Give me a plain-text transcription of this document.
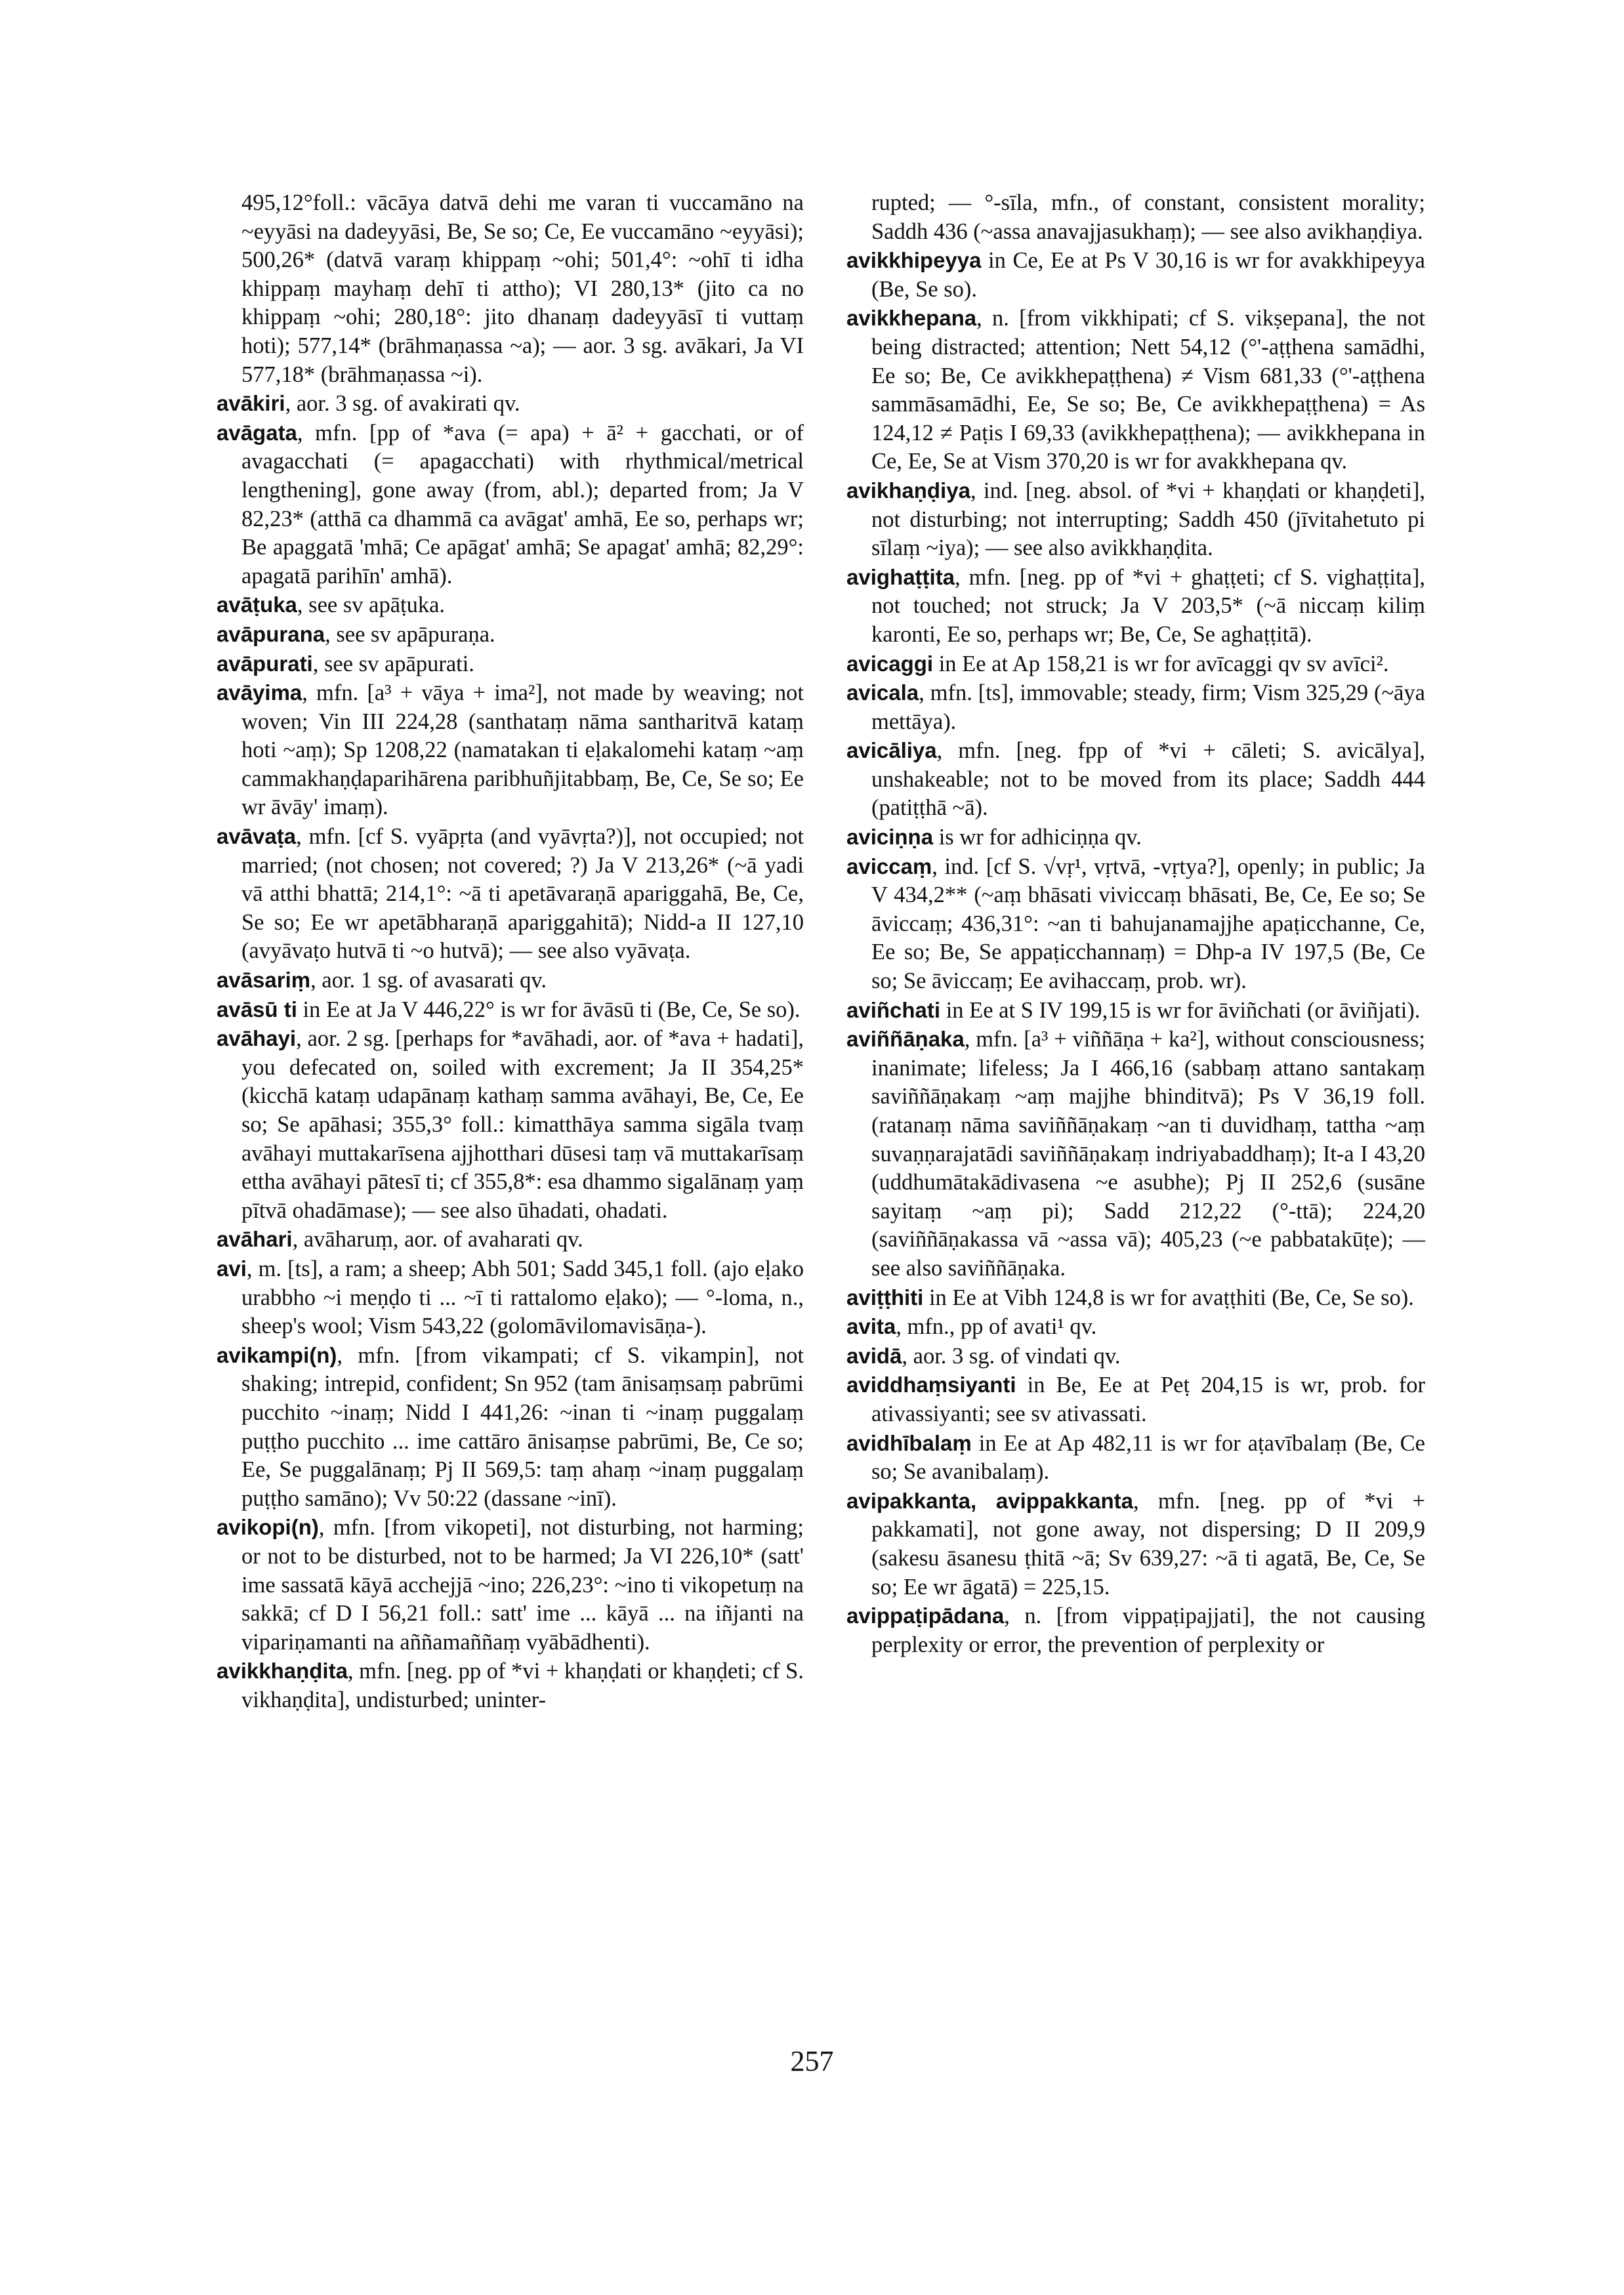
495,12°foll.: vācāya datvā dehi me varan ti vuccamāno na ~eyyāsi na dadeyyāsi, Be, Se so; Ce, Ee vuccamāno ~eyyāsi); 500,26* (datvā varaṃ khippaṃ ~ohi; 501,4°: ~ohī ti idha khippaṃ mayhaṃ dehī ti attho); VI 280,13* (jito ca no khippaṃ ~ohi; 280,18°: jito dhanaṃ dadeyyāsī ti vuttaṃ hoti); 577,14* (brāhmaṇassa ~a); — aor. 3 sg. avākari, Ja VI 577,18* (brāhmaṇassa ~i).

avākiri, aor. 3 sg. of avakirati qv.

avāgata, mfn. [pp of *ava (= apa) + ā² + gacchati, or of avagacchati (= apagacchati) with rhythmical/metrical lengthening], gone away (from, abl.); departed from; Ja V 82,23* (atthā ca dhammā ca avāgat' amhā, Ee so, perhaps wr; Be apaggatā 'mhā; Ce apāgat' amhā; Se apagat' amhā; 82,29°: apagatā parihīn' amhā).

avāṭuka, see sv apāṭuka.

avāpurana, see sv apāpuraṇa.

avāpurati, see sv apāpurati.

avāyima, mfn. [a³ + vāya + ima²], not made by weaving; not woven; Vin III 224,28 (santhataṃ nāma santharitvā kataṃ hoti ~aṃ); Sp 1208,22 (namatakan ti eḷakalomehi kataṃ ~aṃ cammakhaṇḍaparihārena paribhuñjitabbaṃ, Be, Ce, Se so; Ee wr āvāy' imaṃ).

avāvaṭa, mfn. [cf S. vyāpṛta (and vyāvṛta?)], not occupied; not married; (not chosen; not covered; ?) Ja V 213,26* (~ā yadi vā atthi bhattā; 214,1°: ~ā ti apetāvaraṇā apariggahā, Be, Ce, Se so; Ee wr apetābharaṇā apariggahitā); Nidd-a II 127,10 (avyāvaṭo hutvā ti ~o hutvā); — see also vyāvaṭa.

avāsariṃ, aor. 1 sg. of avasarati qv.

avāsū ti in Ee at Ja V 446,22° is wr for āvāsū ti (Be, Ce, Se so).

avāhayi, aor. 2 sg. [perhaps for *avāhadi, aor. of *ava + hadati], you defecated on, soiled with excrement; Ja II 354,25* (kicchā kataṃ udapānaṃ kathaṃ samma avāhayi, Be, Ce, Ee so; Se apāhasi; 355,3° foll.: kimatthāya samma sigāla tvaṃ avāhayi muttakarīsena ajjhotthari dūsesi taṃ vā muttakarīsaṃ ettha avāhayi pātesī ti; cf 355,8*: esa dhammo sigalānaṃ yaṃ pītvā ohadāmase); — see also ūhadati, ohadati.

avāhari, avāharuṃ, aor. of avaharati qv.

avi, m. [ts], a ram; a sheep; Abh 501; Sadd 345,1 foll. (ajo eḷako urabbho ~i meṇḍo ti ... ~ī ti rattalomo eḷako); — °-loma, n., sheep's wool; Vism 543,22 (golomāvilomavisāṇa-).

avikampi(n), mfn. [from vikampati; cf S. vikampin], not shaking; intrepid, confident; Sn 952 (tam ānisaṃsaṃ pabrūmi pucchito ~inaṃ; Nidd I 441,26: ~inan ti ~inaṃ puggalaṃ puṭṭho pucchito ... ime cattāro ānisaṃse pabrūmi, Be, Ce so; Ee, Se puggalānaṃ; Pj II 569,5: taṃ ahaṃ ~inaṃ puggalaṃ puṭṭho samāno); Vv 50:22 (dassane ~inī).

avikopi(n), mfn. [from vikopeti], not disturbing, not harming; or not to be disturbed, not to be harmed; Ja VI 226,10* (satt' ime sassatā kāyā acchejjā ~ino; 226,23°: ~ino ti vikopetuṃ na sakkā; cf D I 56,21 foll.: satt' ime ... kāyā ... na iñjanti na vipariṇamanti na aññamaññaṃ vyābādhenti).

avikkhaṇḍita, mfn. [neg. pp of *vi + khaṇḍati or khaṇḍeti; cf S. vikhaṇḍita], undisturbed; uninter-

rupted; — °-sīla, mfn., of constant, consistent morality; Saddh 436 (~assa anavajjasukhaṃ); — see also avikhaṇḍiya.

avikkhipeyya in Ce, Ee at Ps V 30,16 is wr for avakkhipeyya (Be, Se so).

avikkhepana, n. [from vikkhipati; cf S. vikṣepana], the not being distracted; attention; Nett 54,12 (°'-aṭṭhena samādhi, Ee so; Be, Ce avikkhepaṭṭhena) ≠ Vism 681,33 (°'-aṭṭhena sammāsamādhi, Ee, Se so; Be, Ce avikkhepaṭṭhena) = As 124,12 ≠ Paṭis I 69,33 (avikkhepaṭṭhena); — avikkhepana in Ce, Ee, Se at Vism 370,20 is wr for avakkhepana qv.

avikhaṇḍiya, ind. [neg. absol. of *vi + khaṇḍati or khaṇḍeti], not disturbing; not interrupting; Saddh 450 (jīvitahetuto pi sīlaṃ ~iya); — see also avikkhaṇḍita.

avighaṭṭita, mfn. [neg. pp of *vi + ghaṭṭeti; cf S. vighaṭṭita], not touched; not struck; Ja V 203,5* (~ā niccaṃ kiliṃ karonti, Ee so, perhaps wr; Be, Ce, Se aghaṭṭitā).

avicaggi in Ee at Ap 158,21 is wr for avīcaggi qv sv avīci².

avicala, mfn. [ts], immovable; steady, firm; Vism 325,29 (~āya mettāya).

avicāliya, mfn. [neg. fpp of *vi + cāleti; S. avicālya], unshakeable; not to be moved from its place; Saddh 444 (patiṭṭhā ~ā).

aviciṇṇa is wr for adhiciṇṇa qv.

aviccaṃ, ind. [cf S. √vṛ¹, vṛtvā, -vṛtya?], openly; in public; Ja V 434,2** (~aṃ bhāsati viviccaṃ bhāsati, Be, Ce, Ee so; Se āviccaṃ; 436,31°: ~an ti bahujanamajjhe apaṭicchanne, Ce, Ee so; Be, Se appaṭicchannaṃ) = Dhp-a IV 197,5 (Be, Ce so; Se āviccaṃ; Ee avihaccaṃ, prob. wr).

aviñchati in Ee at S IV 199,15 is wr for āviñchati (or āviñjati).

aviññāṇaka, mfn. [a³ + viññāṇa + ka²], without consciousness; inanimate; lifeless; Ja I 466,16 (sabbaṃ attano santakaṃ saviññāṇakaṃ ~aṃ majjhe bhinditvā); Ps V 36,19 foll. (ratanaṃ nāma saviññāṇakaṃ ~an ti duvidhaṃ, tattha ~aṃ suvaṇṇarajatādi saviññāṇakaṃ indriyabaddhaṃ); It-a I 43,20 (uddhumātakādivasena ~e asubhe); Pj II 252,6 (susāne sayitaṃ ~aṃ pi); Sadd 212,22 (°-ttā); 224,20 (saviññāṇakassa vā ~assa vā); 405,23 (~e pabbatakūṭe); — see also saviññāṇaka.

aviṭṭhiti in Ee at Vibh 124,8 is wr for avaṭṭhiti (Be, Ce, Se so).

avita, mfn., pp of avati¹ qv.

avidā, aor. 3 sg. of vindati qv.

aviddhaṃsiyanti in Be, Ee at Peṭ 204,15 is wr, prob. for ativassiyanti; see sv ativassati.

avidhībalaṃ in Ee at Ap 482,11 is wr for aṭavībalaṃ (Be, Ce so; Se avanibalaṃ).

avipakkanta, avippakkanta, mfn. [neg. pp of *vi + pakkamati], not gone away, not dispersing; D II 209,9 (sakesu āsanesu ṭhitā ~ā; Sv 639,27: ~ā ti agatā, Be, Ce, Se so; Ee wr āgatā) = 225,15.

avippaṭipādana, n. [from vippaṭipajjati], the not causing perplexity or error, the prevention of perplexity or

257
